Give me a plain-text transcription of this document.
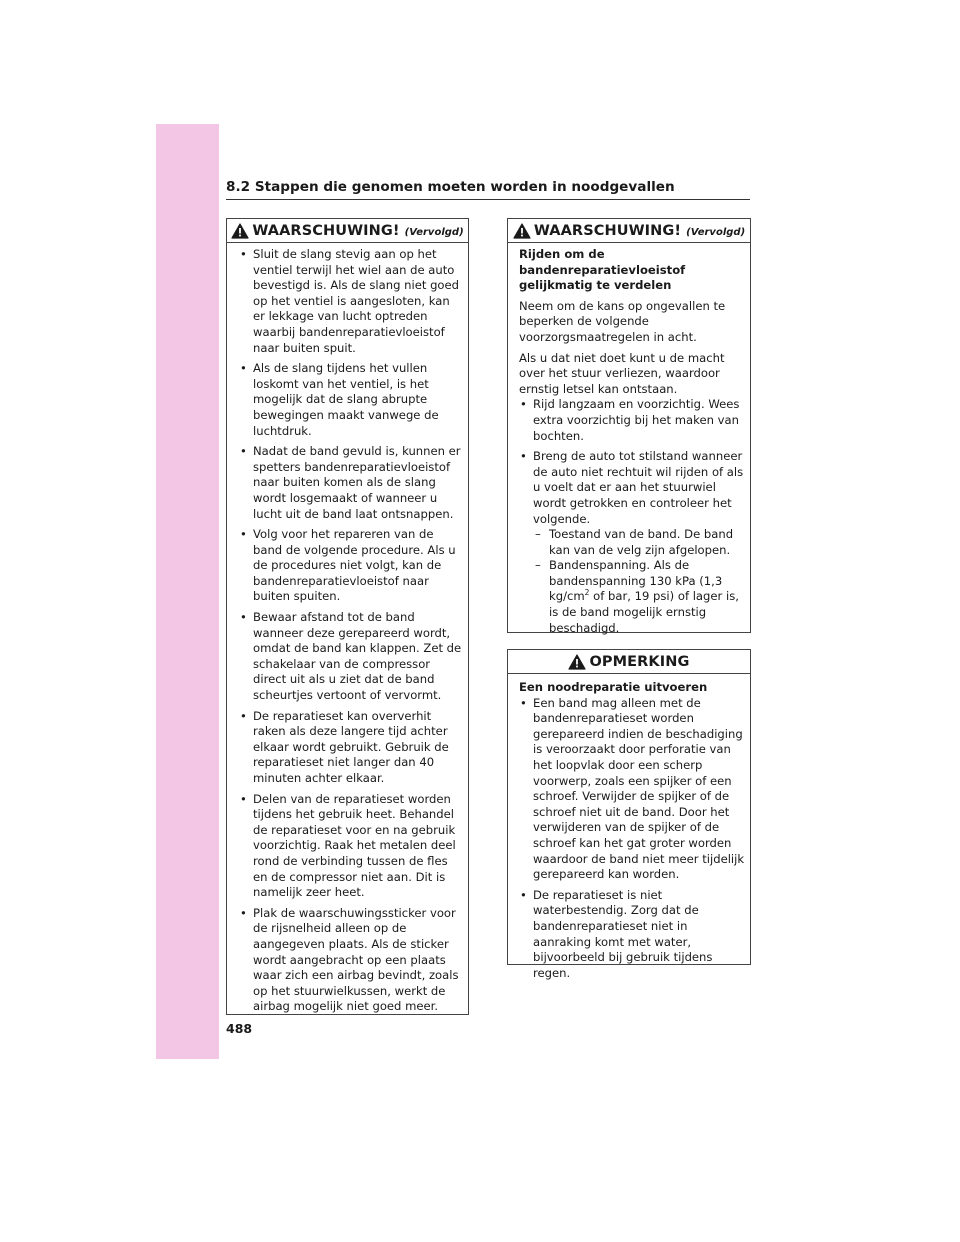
8.2 Stappen die genomen moeten worden in noodgevallen
WAARSCHUWING! (Vervolgd)
• Sluit de slang stevig aan op het ventiel terwijl het wiel aan de auto bevestigd is. Als de slang niet goed op het ventiel is aangesloten, kan er lekkage van lucht optreden waarbij bandenreparatievloeistof naar buiten spuit.
• Als de slang tijdens het vullen loskomt van het ventiel, is het mogelijk dat de slang abrupte bewegingen maakt vanwege de luchtdruk.
• Nadat de band gevuld is, kunnen er spetters bandenreparatievloeistof naar buiten komen als de slang wordt losgemaakt of wanneer u lucht uit de band laat ontsnappen.
• Volg voor het repareren van de band de volgende procedure. Als u de procedures niet volgt, kan de bandenreparatievloeistof naar buiten spuiten.
• Bewaar afstand tot de band wanneer deze gerepareerd wordt, omdat de band kan klappen. Zet de schakelaar van de compressor direct uit als u ziet dat de band scheurtjes vertoont of vervormt.
• De reparatieset kan oververhit raken als deze langere tijd achter elkaar wordt gebruikt. Gebruik de reparatieset niet langer dan 40 minuten achter elkaar.
• Delen van de reparatieset worden tijdens het gebruik heet. Behandel de reparatieset voor en na gebruik voorzichtig. Raak het metalen deel rond de verbinding tussen de fles en de compressor niet aan. Dit is namelijk zeer heet.
• Plak de waarschuwingssticker voor de rijsnelheid alleen op de aangegeven plaats. Als de sticker wordt aangebracht op een plaats waar zich een airbag bevindt, zoals op het stuurwielkussen, werkt de airbag mogelijk niet goed meer.
WAARSCHUWING! (Vervolgd)
Rijden om de bandenreparatievloeistof gelijkmatig te verdelen
Neem om de kans op ongevallen te beperken de volgende voorzorgsmaatregelen in acht.
Als u dat niet doet kunt u de macht over het stuur verliezen, waardoor ernstig letsel kan ontstaan.
• Rijd langzaam en voorzichtig. Wees extra voorzichtig bij het maken van bochten.
• Breng de auto tot stilstand wanneer de auto niet rechtuit wil rijden of als u voelt dat er aan het stuurwiel wordt getrokken en controleer het volgende.
– Toestand van de band. De band kan van de velg zijn afgelopen.
– Bandenspanning. Als de bandenspanning 130 kPa (1,3 $kg/cm^2$ of bar, 19 psi) of lager is, is de band mogelijk ernstig beschadigd.
OPMERKING
Een noodreparatie uitvoeren
• Een band mag alleen met de bandenreparatieset worden gerepareerd indien de beschadiging is veroorzaakt door perforatie van het loopvlak door een scherp voorwerp, zoals een spijker of een schroef. Verwijder de spijker of de schroef niet uit de band. Door het verwijderen van de spijker of de schroef kan het gat groter worden waardoor de band niet meer tijdelijk gerepareerd kan worden.
• De reparatieset is niet waterbestendig. Zorg dat de bandenreparatieset niet in aanraking komt met water, bijvoorbeeld bij gebruik tijdens regen.
488
